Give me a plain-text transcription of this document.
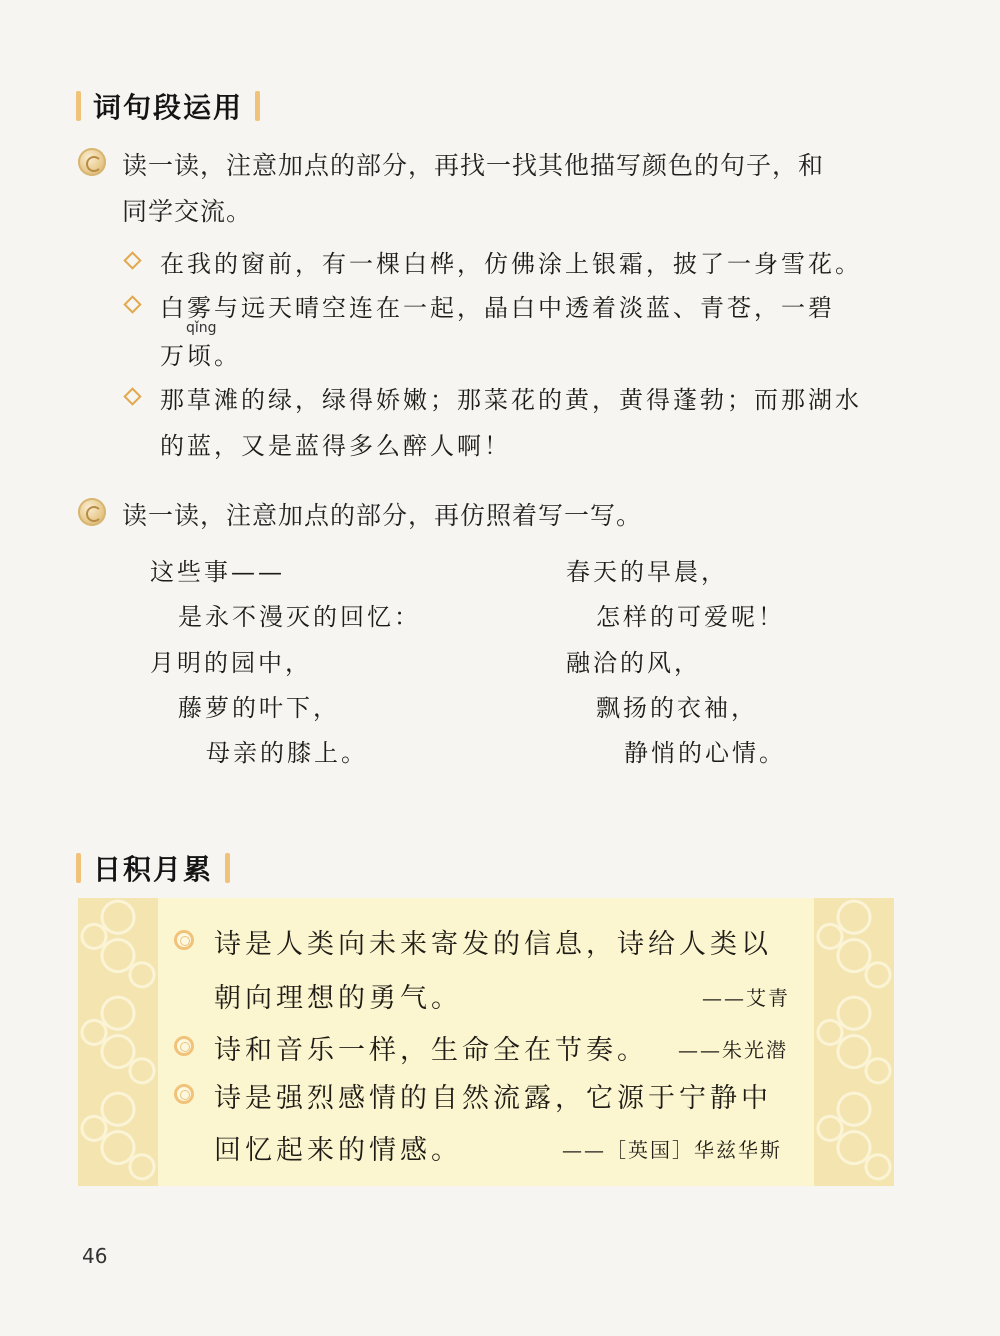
词句段运用
读一读，注意加点的部分，再找一找其他描写颜色的句子，和
同学交流。
在我的窗前，有一棵白桦，仿佛涂上银霜，披了一身雪花。
白雾与远天晴空连在一起，晶白中透着淡蓝、青苍，一碧
qǐng
万顷。
那草滩的绿，绿得娇嫩；那菜花的黄，黄得蓬勃；而那湖水
的蓝，又是蓝得多么醉人啊！
读一读，注意加点的部分，再仿照着写一写。
这些事——
是永不漫灭的回忆：
月明的园中，
藤萝的叶下，
母亲的膝上。
春天的早晨，
怎样的可爱呢！
融洽的风，
飘扬的衣袖，
静悄的心情。
日积月累
诗是人类向未来寄发的信息，诗给人类以
朝向理想的勇气。	——艾青
诗和音乐一样，生命全在节奏。 ——朱光潜
诗是强烈感情的自然流露，它源于宁静中
回忆起来的情感。	——［英国］华兹华斯
46
